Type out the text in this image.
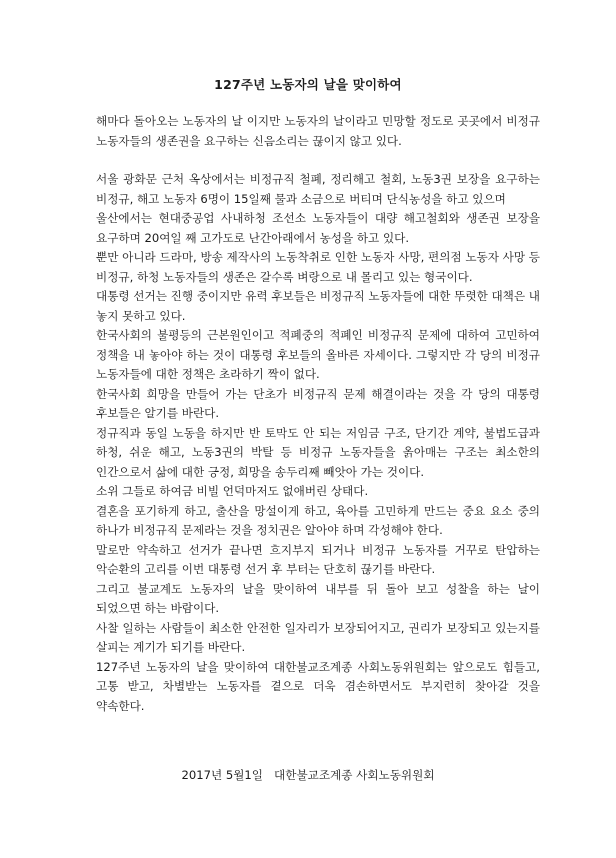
127주년 노동자의 날을 맞이하여

해마다 돌아오는 노동자의 날 이지만 노동자의 날이라고 민망할 정도로 곳곳에서 비정규 노동자들의 생존권을 요구하는 신음소리는 끊이지 않고 있다.

서울 광화문 근처 옥상에서는 비정규직 철폐, 정리해고 철회, 노동3권 보장을 요구하는 비정규, 해고 노동자 6명이 15일째 물과 소금으로 버티며 단식농성을 하고 있으며

울산에서는 현대중공업 사내하청 조선소 노동자들이 대량 해고철회와 생존권 보장을 요구하며 20여일 째 고가도로 난간아래에서 농성을 하고 있다.

뿐만 아니라 드라마, 방송 제작사의 노동착취로 인한 노동자 사망, 편의점 노동자 사망 등 비정규, 하청 노동자들의 생존은 갈수록 벼랑으로 내 몰리고 있는 형국이다.

대통령 선거는 진행 중이지만 유력 후보들은 비정규직 노동자들에 대한 뚜렷한 대책은 내 놓지 못하고 있다.

한국사회의 불평등의 근본원인이고 적폐중의 적폐인 비정규직 문제에 대하여 고민하여 정책을 내 놓아야 하는 것이 대통령 후보들의 올바른 자세이다. 그렇지만 각 당의 비정규 노동자들에 대한 정책은 초라하기 짝이 없다.

한국사회 희망을 만들어 가는 단초가 비정규직 문제 해결이라는 것을 각 당의 대통령 후보들은 알기를 바란다.

정규직과 동일 노동을 하지만 반 토막도 안 되는 저임금 구조, 단기간 계약, 불법도급과 하청, 쉬운 해고, 노동3권의 박탈 등 비정규 노동자들을 옭아매는 구조는 최소한의 인간으로서 삶에 대한 긍정, 희망을 송두리째 빼앗아 가는 것이다.

소위 그들로 하여금 비빌 언덕마저도 없애버린 상태다.

결혼을 포기하게 하고, 출산을 망설이게 하고, 육아를 고민하게 만드는 중요 요소 중의 하나가 비정규직 문제라는 것을 정치권은 알아야 하며 각성해야 한다.

말로만 약속하고 선거가 끝나면 흐지부지 되거나 비정규 노동자를 거꾸로 탄압하는 악순환의 고리를 이번 대통령 선거 후 부터는 단호히 끊기를 바란다.

그리고 불교계도 노동자의 날을 맞이하여 내부를 뒤 돌아 보고 성찰을 하는 날이 되었으면 하는 바람이다.

사찰 일하는 사람들이 최소한 안전한 일자리가 보장되어지고, 권리가 보장되고 있는지를 살피는 계기가 되기를 바란다.

127주년 노동자의 날을 맞이하여 대한불교조계종 사회노동위원회는 앞으로도 힘들고, 고통 받고, 차별받는 노동자를 곁으로 더욱 겸손하면서도 부지런히 찾아갈 것을 약속한다.

2017년 5월1일   대한불교조계종 사회노동위원회
